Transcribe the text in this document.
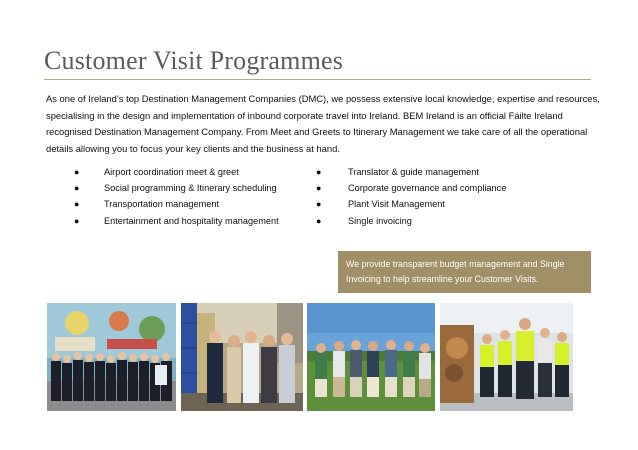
Customer Visit Programmes

As one of Ireland’s top Destination Management Companies (DMC), we possess extensive local knowledge, expertise and resources, specialising in the design and implementation of inbound corporate travel into Ireland. BEM Ireland is an official Fáilte Ireland recognised Destination Management Company. From Meet and Greets to Itinerary Management we take care of all the operational details allowing you to focus your key clients and the business at hand.

●	Airport coordination meet & greet
●	Social programming & Itinerary scheduling
●	Transportation management
●	Entertainment and hospitality management
●	Translator & guide management
●	Corporate governance and compliance
●	Plant Visit Management
●	Single invoicing
We provide transparent budget management and Single Invoicing to help streamline your Customer Visits.
